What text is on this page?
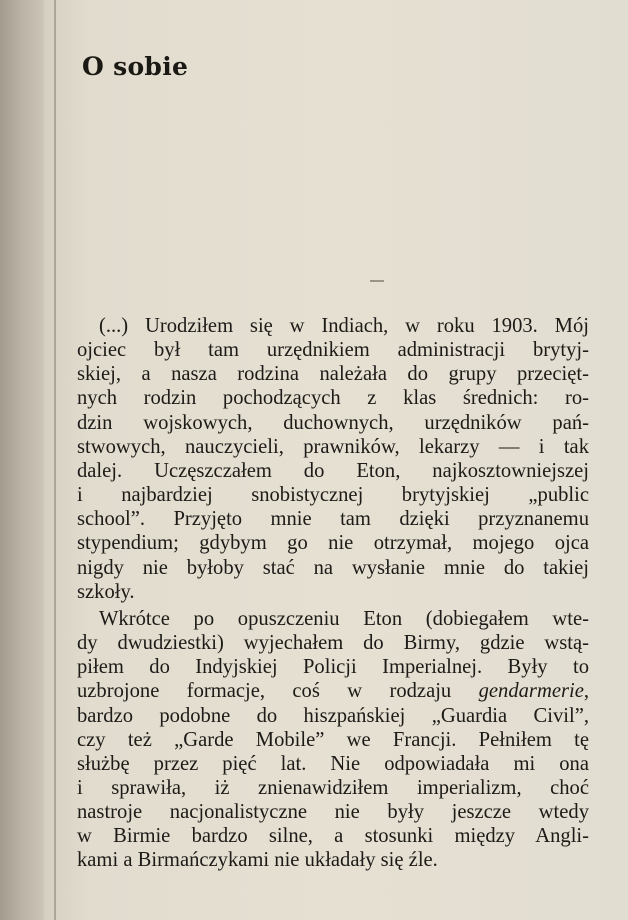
O sobie
(...) Urodziłem się w Indiach, w roku 1903. Mój
ojciec był tam urzędnikiem administracji brytyj-
skiej, a nasza rodzina należała do grupy przecięt-
nych rodzin pochodzących z klas średnich: ro-
dzin wojskowych, duchownych, urzędników pań-
stwowych, nauczycieli, prawników, lekarzy — i tak
dalej. Uczęszczałem do Eton, najkosztowniejszej
i najbardziej snobistycznej brytyjskiej „public
school”. Przyjęto mnie tam dzięki przyznanemu
stypendium; gdybym go nie otrzymał, mojego ojca
nigdy nie byłoby stać na wysłanie mnie do takiej
szkoły.
Wkrótce po opuszczeniu Eton (dobiegałem wte-
dy dwudziestki) wyjechałem do Birmy, gdzie wstą-
piłem do Indyjskiej Policji Imperialnej. Były to
uzbrojone formacje, coś w rodzaju gendarmerie,
bardzo podobne do hiszpańskiej „Guardia Civil”,
czy też „Garde Mobile” we Francji. Pełniłem tę
służbę przez pięć lat. Nie odpowiadała mi ona
i sprawiła, iż znienawidziłem imperializm, choć
nastroje nacjonalistyczne nie były jeszcze wtedy
w Birmie bardzo silne, a stosunki między Angli-
kami a Birmańczykami nie układały się źle.
